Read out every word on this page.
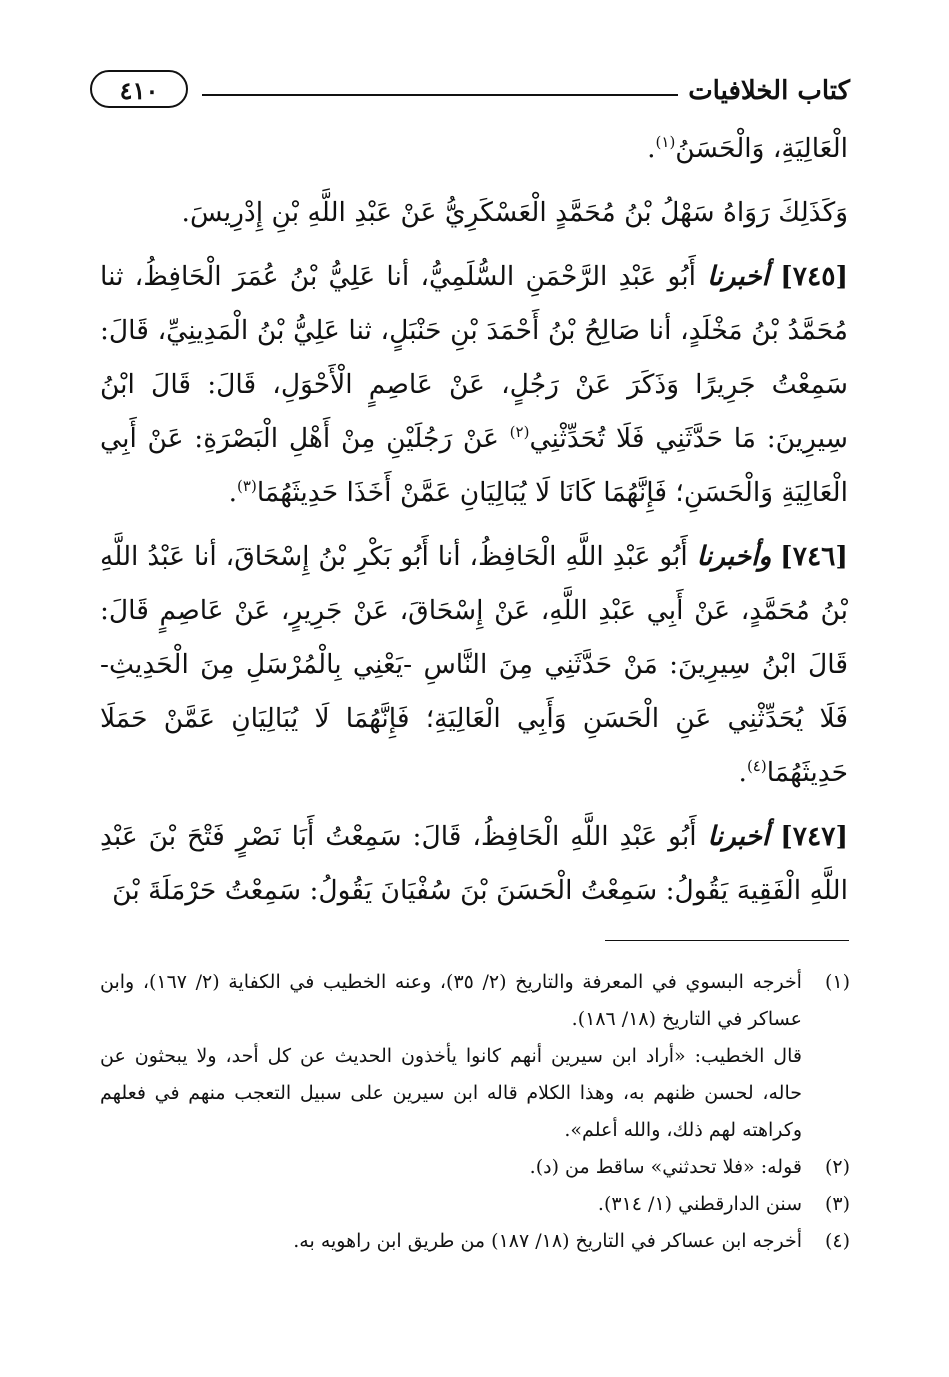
٤١٠	كتاب الخلافيات

الْعَالِيَةِ، وَالْحَسَنُ$^{(١)}$.

وَكَذَلِكَ رَوَاهُ سَهْلُ بْنُ مُحَمَّدٍ الْعَسْكَرِيُّ عَنْ عَبْدِ اللَّهِ بْنِ إِدْرِيسَ.

[٧٤٥] أخبرنا أَبُو عَبْدِ الرَّحْمَنِ السُّلَمِيُّ، أنا عَلِيُّ بْنُ عُمَرَ الْحَافِظُ، ثنا مُحَمَّدُ بْنُ مَخْلَدٍ، أنا صَالِحُ بْنُ أَحْمَدَ بْنِ حَنْبَلٍ، ثنا عَلِيُّ بْنُ الْمَدِينِيِّ، قَالَ: سَمِعْتُ جَرِيرًا وَذَكَرَ عَنْ رَجُلٍ، عَنْ عَاصِمٍ الْأَحْوَلِ، قَالَ: قَالَ ابْنُ سِيرِينَ: مَا حَدَّثَنِي فَلَا تُحَدِّثْنِي$^{(٢)}$ عَنْ رَجُلَيْنِ مِنْ أَهْلِ الْبَصْرَةِ: عَنْ أَبِي الْعَالِيَةِ وَالْحَسَنِ؛ فَإِنَّهُمَا كَانَا لَا يُبَالِيَانِ عَمَّنْ أَخَذَا حَدِيثَهُمَا$^{(٣)}$.

[٧٤٦] وأخبرنا أَبُو عَبْدِ اللَّهِ الْحَافِظُ، أنا أَبُو بَكْرِ بْنُ إِسْحَاقَ، أنا عَبْدُ اللَّهِ بْنُ مُحَمَّدٍ، عَنْ أَبِي عَبْدِ اللَّهِ، عَنْ إِسْحَاقَ، عَنْ جَرِيرٍ، عَنْ عَاصِمٍ قَالَ: قَالَ ابْنُ سِيرِينَ: مَنْ حَدَّثَنِي مِنَ النَّاسِ -يَعْنِي بِالْمُرْسَلِ مِنَ الْحَدِيثِ- فَلَا يُحَدِّثْنِي عَنِ الْحَسَنِ وَأَبِي الْعَالِيَةِ؛ فَإِنَّهُمَا لَا يُبَالِيَانِ عَمَّنْ حَمَلَا حَدِيثَهُمَا$^{(٤)}$.

[٧٤٧] أخبرنا أَبُو عَبْدِ اللَّهِ الْحَافِظُ، قَالَ: سَمِعْتُ أَبَا نَصْرٍ فَتْحَ بْنَ عَبْدِ اللَّهِ الْفَقِيهَ يَقُولُ: سَمِعْتُ الْحَسَنَ بْنَ سُفْيَانَ يَقُولُ: سَمِعْتُ حَرْمَلَةَ بْنَ

(١)
أخرجه البسوي في المعرفة والتاريخ (٢/ ٣٥)، وعنه الخطيب في الكفاية (٢/ ١٦٧)، وابن عساكر في التاريخ (١٨/ ١٨٦).
قال الخطيب: «أراد ابن سيرين أنهم كانوا يأخذون الحديث عن كل أحد، ولا يبحثون عن حاله، لحسن ظنهم به، وهذا الكلام قاله ابن سيرين على سبيل التعجب منهم في فعلهم وكراهته لهم ذلك، والله أعلم».
(٢)
قوله: «فلا تحدثني» ساقط من (د).
(٣)
سنن الدارقطني (١/ ٣١٤).
(٤)
أخرجه ابن عساكر في التاريخ (١٨/ ١٨٧) من طريق ابن راهويه به.
